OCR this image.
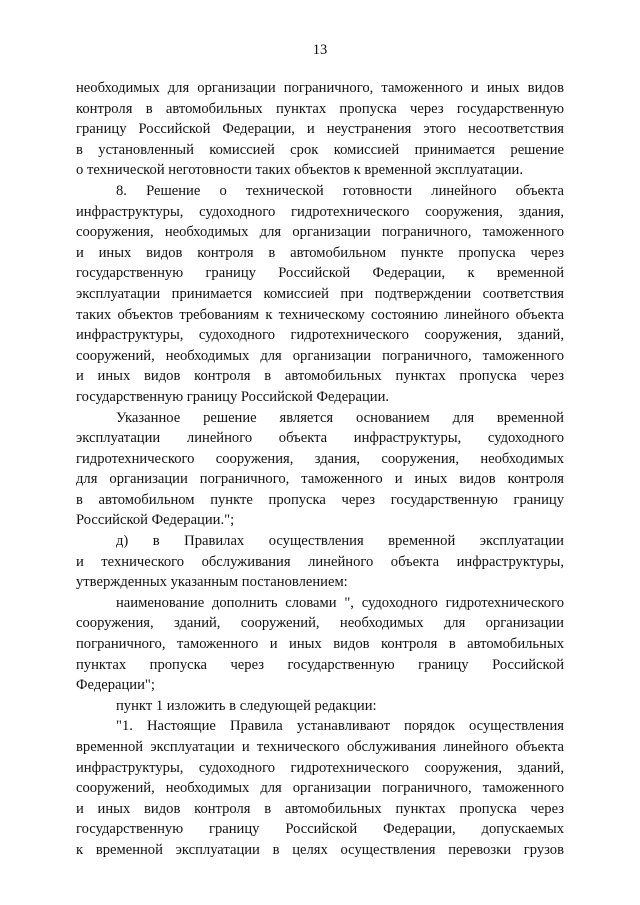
13
необходимых для организации пограничного, таможенного и иных видов
контроля в автомобильных пунктах пропуска через государственную
границу Российской Федерации, и неустранения этого несоответствия
в установленный комиссией срок комиссией принимается решение
о технической неготовности таких объектов к временной эксплуатации.
8. Решение о технической готовности линейного объекта
инфраструктуры, судоходного гидротехнического сооружения, здания,
сооружения, необходимых для организации пограничного, таможенного
и иных видов контроля в автомобильном пункте пропуска через
государственную границу Российской Федерации, к временной
эксплуатации принимается комиссией при подтверждении соответствия
таких объектов требованиям к техническому состоянию линейного объекта
инфраструктуры, судоходного гидротехнического сооружения, зданий,
сооружений, необходимых для организации пограничного, таможенного
и иных видов контроля в автомобильных пунктах пропуска через
государственную границу Российской Федерации.
Указанное решение является основанием для временной
эксплуатации линейного объекта инфраструктуры, судоходного
гидротехнического сооружения, здания, сооружения, необходимых
для организации пограничного, таможенного и иных видов контроля
в автомобильном пункте пропуска через государственную границу
Российской Федерации.";
д) в Правилах осуществления временной эксплуатации
и технического обслуживания линейного объекта инфраструктуры,
утвержденных указанным постановлением:
наименование дополнить словами ", судоходного гидротехнического
сооружения, зданий, сооружений, необходимых для организации
пограничного, таможенного и иных видов контроля в автомобильных
пунктах пропуска через государственную границу Российской
Федерации";
пункт 1 изложить в следующей редакции:
"1. Настоящие Правила устанавливают порядок осуществления
временной эксплуатации и технического обслуживания линейного объекта
инфраструктуры, судоходного гидротехнического сооружения, зданий,
сооружений, необходимых для организации пограничного, таможенного
и иных видов контроля в автомобильных пунктах пропуска через
государственную границу Российской Федерации, допускаемых
к временной эксплуатации в целях осуществления перевозки грузов
